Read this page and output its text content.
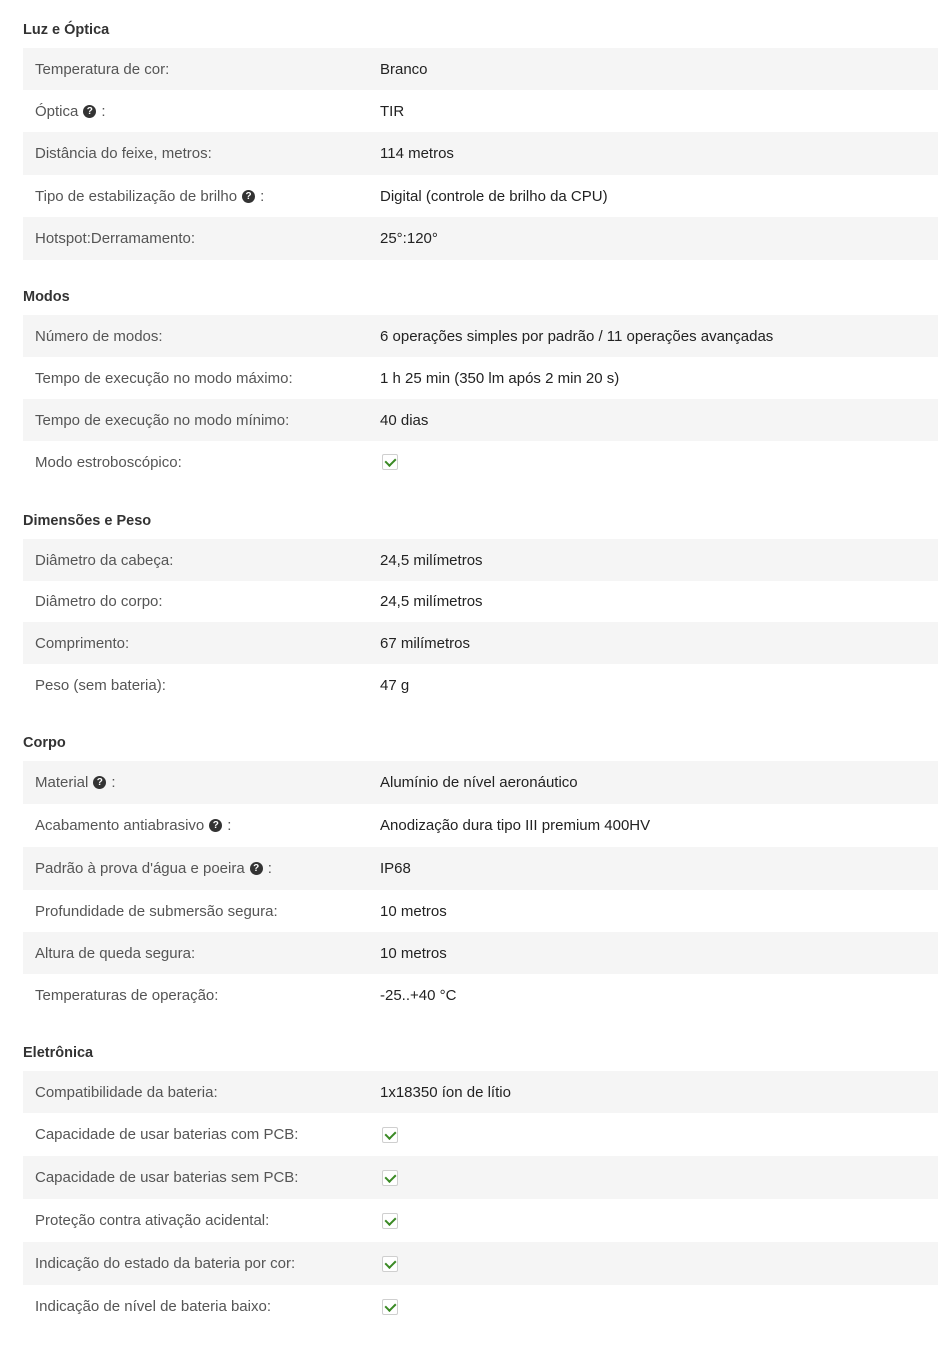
Luz e Óptica
Temperatura de cor:	Branco
Óptica ? :	TIR
Distância do feixe, metros:	114 metros
Tipo de estabilização de brilho ? :	Digital (controle de brilho da CPU)
Hotspot:Derramamento:	25°:120°
Modos
Número de modos:	6 operações simples por padrão / 11 operações avançadas
Tempo de execução no modo máximo:	1 h 25 min (350 lm após 2 min 20 s)
Tempo de execução no modo mínimo:	40 dias
Modo estroboscópico:
Dimensões e Peso
Diâmetro da cabeça:	24,5 milímetros
Diâmetro do corpo:	24,5 milímetros
Comprimento:	67 milímetros
Peso (sem bateria):	47 g
Corpo
Material ? :	Alumínio de nível aeronáutico
Acabamento antiabrasivo ? :	Anodização dura tipo III premium 400HV
Padrão à prova d'água e poeira ? :	IP68
Profundidade de submersão segura:	10 metros
Altura de queda segura:	10 metros
Temperaturas de operação:	-25..+40 °C
Eletrônica
Compatibilidade da bateria:	1x18350 íon de lítio
Capacidade de usar baterias com PCB:
Capacidade de usar baterias sem PCB:
Proteção contra ativação acidental:
Indicação do estado da bateria por cor:
Indicação de nível de bateria baixo:
